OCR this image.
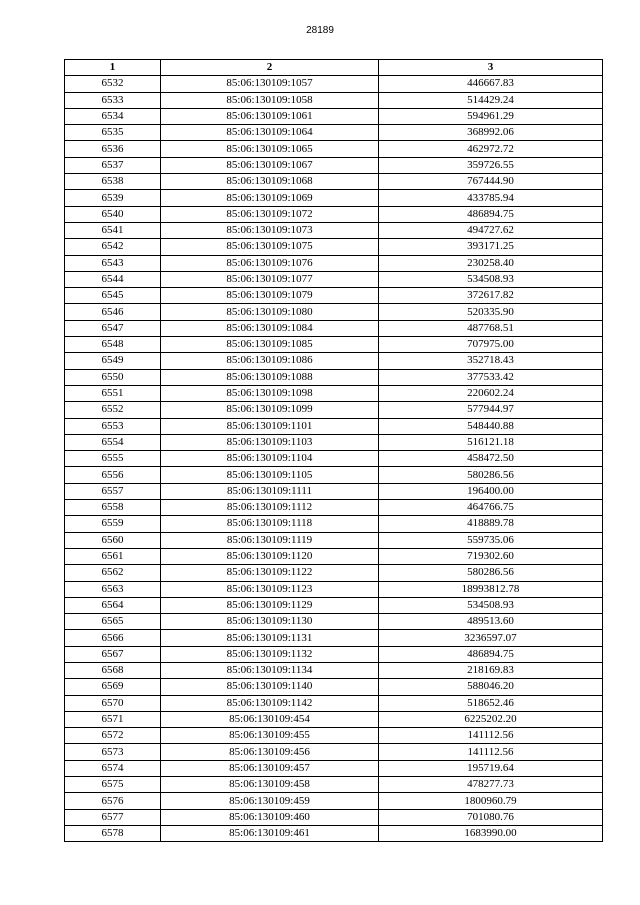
28189
1	2	3
6532	85:06:130109:1057	446667.83
6533	85:06:130109:1058	514429.24
6534	85:06:130109:1061	594961.29
6535	85:06:130109:1064	368992.06
6536	85:06:130109:1065	462972.72
6537	85:06:130109:1067	359726.55
6538	85:06:130109:1068	767444.90
6539	85:06:130109:1069	433785.94
6540	85:06:130109:1072	486894.75
6541	85:06:130109:1073	494727.62
6542	85:06:130109:1075	393171.25
6543	85:06:130109:1076	230258.40
6544	85:06:130109:1077	534508.93
6545	85:06:130109:1079	372617.82
6546	85:06:130109:1080	520335.90
6547	85:06:130109:1084	487768.51
6548	85:06:130109:1085	707975.00
6549	85:06:130109:1086	352718.43
6550	85:06:130109:1088	377533.42
6551	85:06:130109:1098	220602.24
6552	85:06:130109:1099	577944.97
6553	85:06:130109:1101	548440.88
6554	85:06:130109:1103	516121.18
6555	85:06:130109:1104	458472.50
6556	85:06:130109:1105	580286.56
6557	85:06:130109:1111	196400.00
6558	85:06:130109:1112	464766.75
6559	85:06:130109:1118	418889.78
6560	85:06:130109:1119	559735.06
6561	85:06:130109:1120	719302.60
6562	85:06:130109:1122	580286.56
6563	85:06:130109:1123	18993812.78
6564	85:06:130109:1129	534508.93
6565	85:06:130109:1130	489513.60
6566	85:06:130109:1131	3236597.07
6567	85:06:130109:1132	486894.75
6568	85:06:130109:1134	218169.83
6569	85:06:130109:1140	588046.20
6570	85:06:130109:1142	518652.46
6571	85:06:130109:454	6225202.20
6572	85:06:130109:455	141112.56
6573	85:06:130109:456	141112.56
6574	85:06:130109:457	195719.64
6575	85:06:130109:458	478277.73
6576	85:06:130109:459	1800960.79
6577	85:06:130109:460	701080.76
6578	85:06:130109:461	1683990.00
